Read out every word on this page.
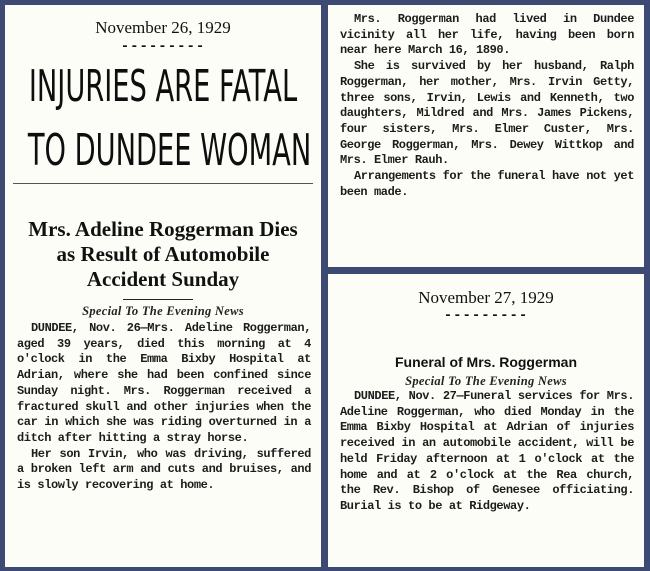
November 26, 1929
---------
INJURIES ARE FATAL
TO DUNDEE WOMAN
Mrs. Adeline Roggerman Dies
as Result of Automobile
Accident Sunday
Special To The Evening News

DUNDEE, Nov. 26—Mrs. Adeline Roggerman, aged 39 years, died this morning at 4 o'clock in the Emma Bixby Hospital at Adrian, where she had been confined since Sunday night. Mrs. Roggerman received a fractured skull and other injuries when the car in which she was riding overturned in a ditch after hitting a stray horse.

Her son Irvin, who was driving, suffered a broken left arm and cuts and bruises, and is slowly recovering at home.

Mrs. Roggerman had lived in Dundee vicinity all her life, having been born near here March 16, 1890.

She is survived by her husband, Ralph Roggerman, her mother, Mrs. Irvin Getty, three sons, Irvin, Lewis and Kenneth, two daughters, Mildred and Mrs. James Pickens, four sisters, Mrs. Elmer Custer, Mrs. George Roggerman, Mrs. Dewey Wittkop and Mrs. Elmer Rauh.

Arrangements for the funeral have not yet been made.

November 27, 1929
---------
Funeral of Mrs. Roggerman
Special To The Evening News

DUNDEE, Nov. 27—Funeral services for Mrs. Adeline Roggerman, who died Monday in the Emma Bixby Hospital at Adrian of injuries received in an automobile accident, will be held Friday afternoon at 1 o'clock at the home and at 2 o'clock at the Rea church, the Rev. Bishop of Genesee officiating. Burial is to be at Ridgeway.
